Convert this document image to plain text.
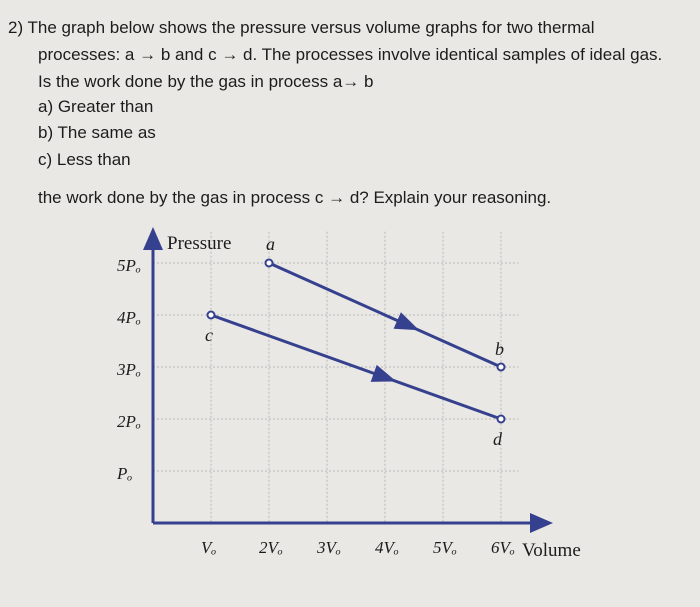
2) The graph below shows the pressure versus volume graphs for two thermal
processes: a → b and c → d. The processes involve identical samples of ideal gas.
Is the work done by the gas in process a→ b
a) Greater than
b) The same as
c) Less than
the work done by the gas in process c → d? Explain your reasoning.
Pressure
Volume
5Pₒ
4Pₒ
3Pₒ
2Pₒ
Pₒ
Vₒ	2Vₒ 3Vₒ 4Vₒ 5Vₒ 6Vₒ
a
b
c
d
